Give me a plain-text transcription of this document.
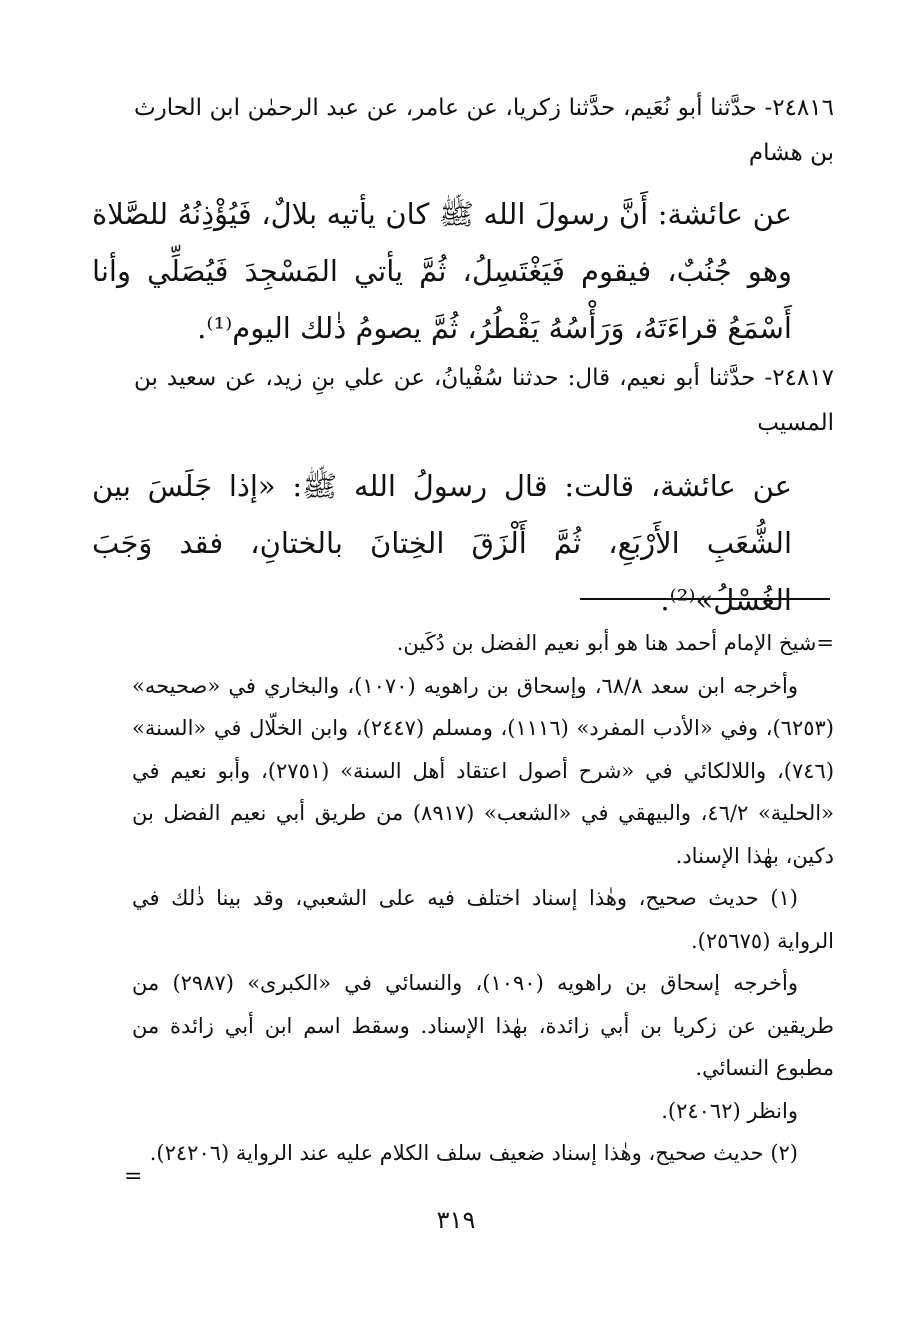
٢٤٨١٦- حدَّثنا أبو نُعَيم، حدَّثنا زكريا، عن عامر، عن عبد الرحمٰن ابن الحارث بن هشام

عن عائشة: أَنَّ رسولَ الله ﷺ كان يأتيه بلالٌ، فَيُؤْذِنُهُ للصَّلاة وهو جُنُبٌ، فيقوم فَيَغْتَسِلُ، ثُمَّ يأتي المَسْجِدَ فَيُصَلِّي وأنا أَسْمَعُ قراءَتَهُ، وَرَأْسُهُ يَقْطُرُ، ثُمَّ يصومُ ذٰلك اليوم⁽¹⁾.

٢٤٨١٧- حدَّثنا أبو نعيم، قال: حدثنا سُفْيانُ، عن علي بنِ زيد، عن سعيد بن المسيب

عن عائشة، قالت: قال رسولُ الله ﷺ: «إذا جَلَسَ بين الشُّعَبِ الأَرْبَعِ، ثُمَّ أَلْزَقَ الخِتانَ بالختانِ، فقد وَجَبَ الغُسْلُ»⁽²⁾.

=شيخ الإمام أحمد هنا هو أبو نعيم الفضل بن دُكَين.

وأخرجه ابن سعد ٦٨/٨، وإسحاق بن راهويه (١٠٧٠)، والبخاري في «صحيحه» (٦٢٥٣)، وفي «الأدب المفرد» (١١١٦)، ومسلم (٢٤٤٧)، وابن الخلّال في «السنة» (٧٤٦)، واللالكائي في «شرح أصول اعتقاد أهل السنة» (٢٧٥١)، وأبو نعيم في «الحلية» ٤٦/٢، والبيهقي في «الشعب» (٨٩١٧) من طريق أبي نعيم الفضل بن دكين، بهٰذا الإسناد.

(١) حديث صحيح، وهٰذا إسناد اختلف فيه على الشعبي، وقد بينا ذٰلك في الرواية (٢٥٦٧٥).

وأخرجه إسحاق بن راهويه (١٠٩٠)، والنسائي في «الكبرى» (٢٩٨٧) من طريقين عن زكريا بن أبي زائدة، بهٰذا الإسناد. وسقط اسم ابن أبي زائدة من مطبوع النسائي.

وانظر (٢٤٠٦٢).

(٢) حديث صحيح، وهٰذا إسناد ضعيف سلف الكلام عليه عند الرواية (٢٤٢٠٦).

=
٣١٩
